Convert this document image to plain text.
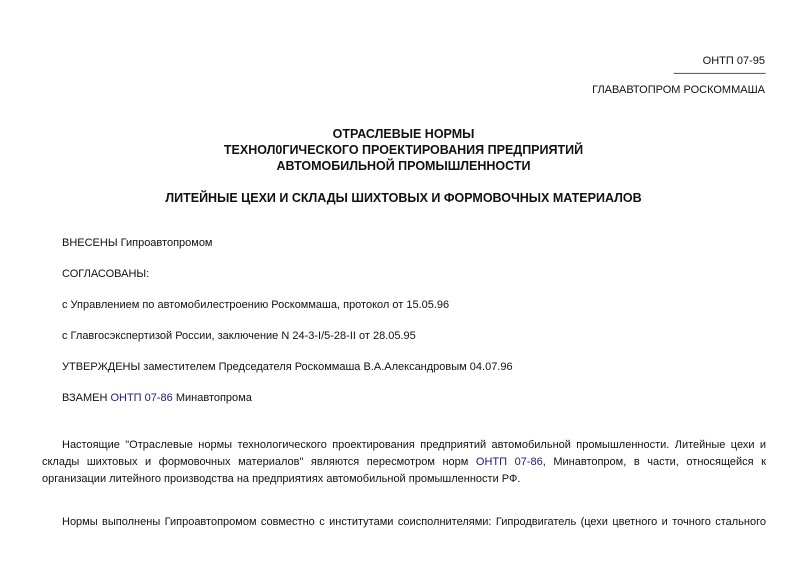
ОНТП 07-95
----------------------------------------------
ГЛАВАВТОПРОМ РОСКОММАША
ОТРАСЛЕВЫЕ НОРМЫ
ТЕХНОЛ0ГИЧЕСКОГО ПРОЕКТИРОВАНИЯ ПРЕДПРИЯТИЙ
АВТОМОБИЛЬНОЙ ПРОМЫШЛЕННОСТИ
ЛИТЕЙНЫЕ ЦЕХИ И СКЛАДЫ ШИХТОВЫХ И ФОРМОВОЧНЫХ МАТЕРИАЛОВ
ВНЕСЕНЫ Гипроавтопромом
СОГЛАСОВАНЫ:
с Управлением по автомобилестроению Роскоммаша, протокол от 15.05.96
с Главгосэкспертизой России, заключение N 24-3-I/5-28-II от 28.05.95
УТВЕРЖДЕНЫ заместителем Председателя Роскоммаша В.А.Александровым 04.07.96
ВЗАМЕН ОНТП 07-86 Минавтопрома
Настоящие "Отраслевые нормы технологического проектирования предприятий автомобильной промышленности. Литейные цехи и склады шихтовых и формовочных материалов" являются пересмотром норм ОНТП 07-86, Минавтопром, в части, относящейся к организации литейного производства на предприятиях автомобильной промышленности РФ.
Нормы выполнены Гипроавтопромом совместно с институтами соисполнителями: Гипродвигатель (цехи цветного и точного стального
